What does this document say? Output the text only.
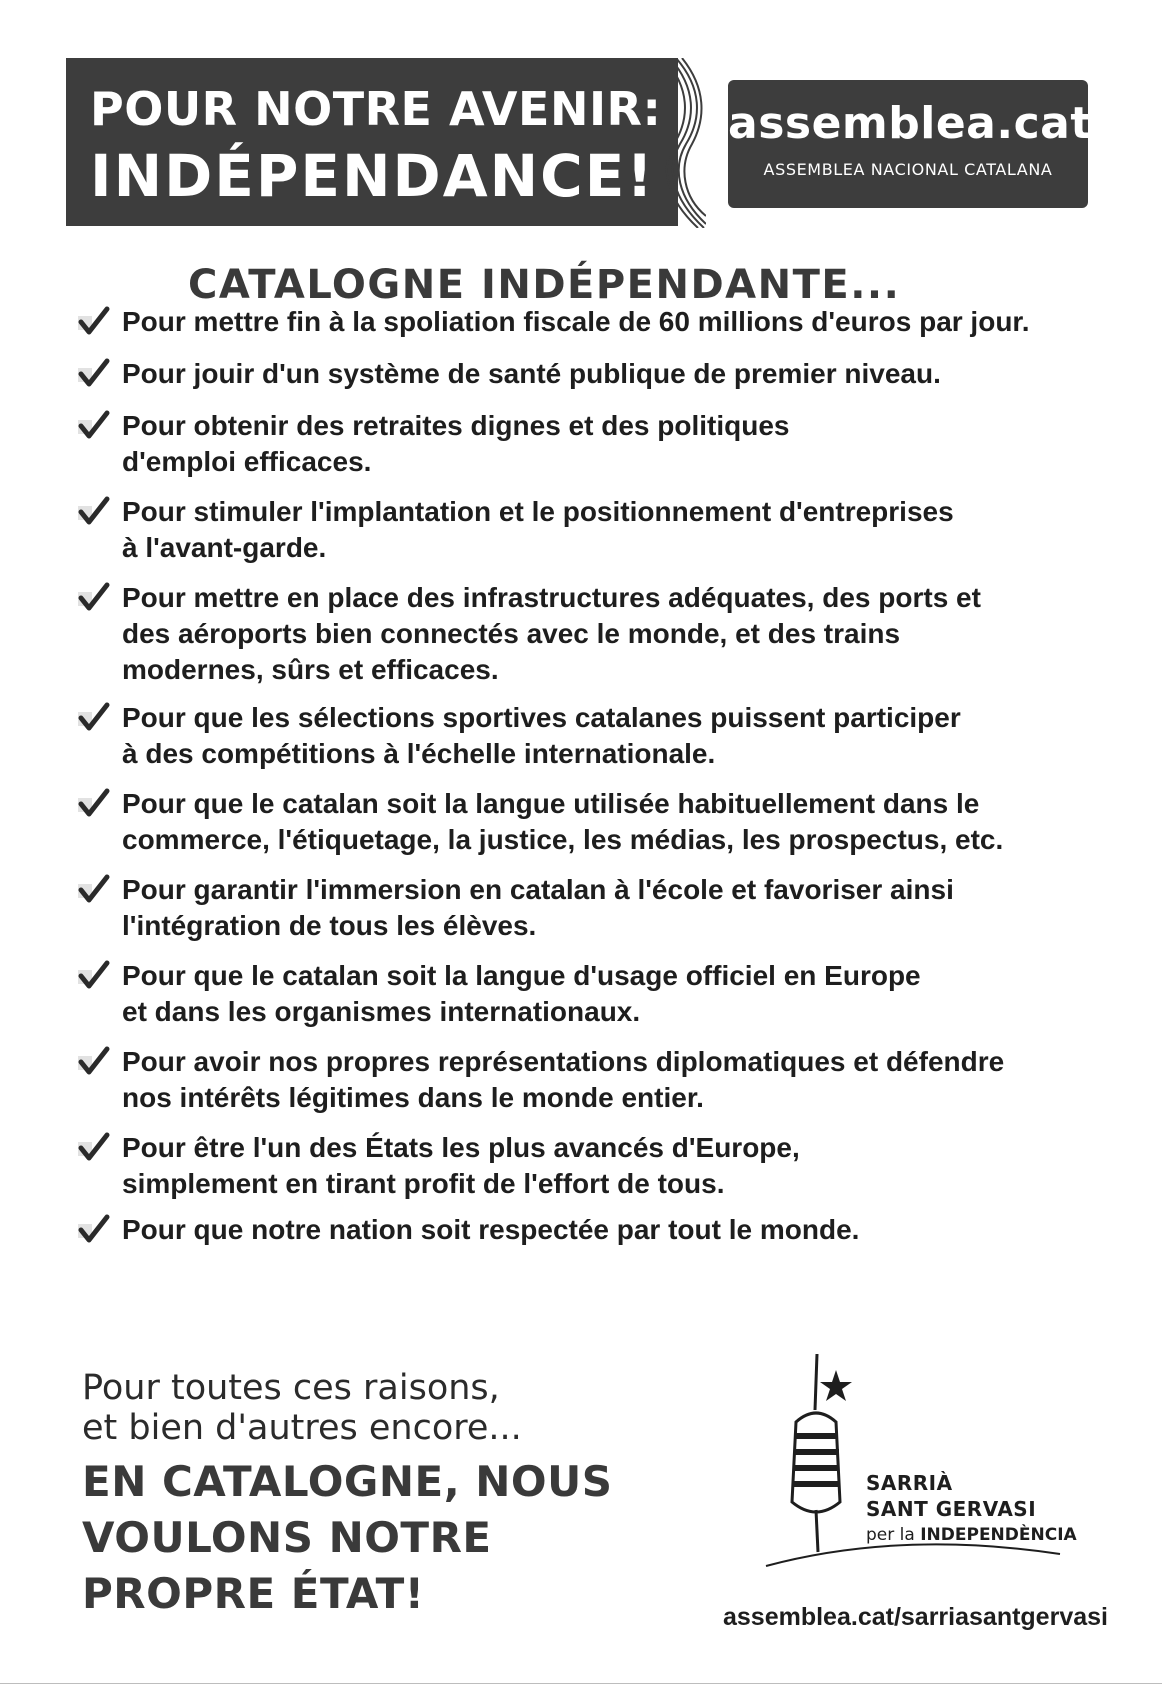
POUR NOTRE AVENIR:
INDÉPENDANCE!
assemblea.cat
ASSEMBLEA NACIONAL CATALANA
CATALOGNE INDÉPENDANTE...
Pour mettre fin à la spoliation fiscale de 60 millions d'euros par jour.
Pour jouir d'un système de santé publique de premier niveau.
Pour obtenir des retraites dignes et des politiques
d'emploi efficaces.
Pour stimuler l'implantation et le positionnement d'entreprises
à l'avant-garde.
Pour mettre en place des infrastructures adéquates, des ports et
des aéroports bien connectés avec le monde, et des trains
modernes, sûrs et efficaces.
Pour que les sélections sportives catalanes puissent participer
à des compétitions à l'échelle internationale.
Pour que le catalan soit la langue utilisée habituellement dans le
commerce, l'étiquetage, la justice, les médias, les prospectus, etc.
Pour garantir l'immersion en catalan à l'école et favoriser ainsi
l'intégration de tous les élèves.
Pour que le catalan soit la langue d'usage officiel en Europe
et dans les organismes internationaux.
Pour avoir nos propres représentations diplomatiques et défendre
nos intérêts légitimes dans le monde entier.
Pour être l'un des États les plus avancés d'Europe,
simplement en tirant profit de l'effort de tous.
Pour que notre nation soit respectée par tout le monde.
Pour toutes ces raisons,
et bien d'autres encore...
EN CATALOGNE, NOUS
VOULONS NOTRE
PROPRE ÉTAT!
SARRIÀ
SANT GERVASI
per la INDEPENDÈNCIA
assemblea.cat/sarriasantgervasi
